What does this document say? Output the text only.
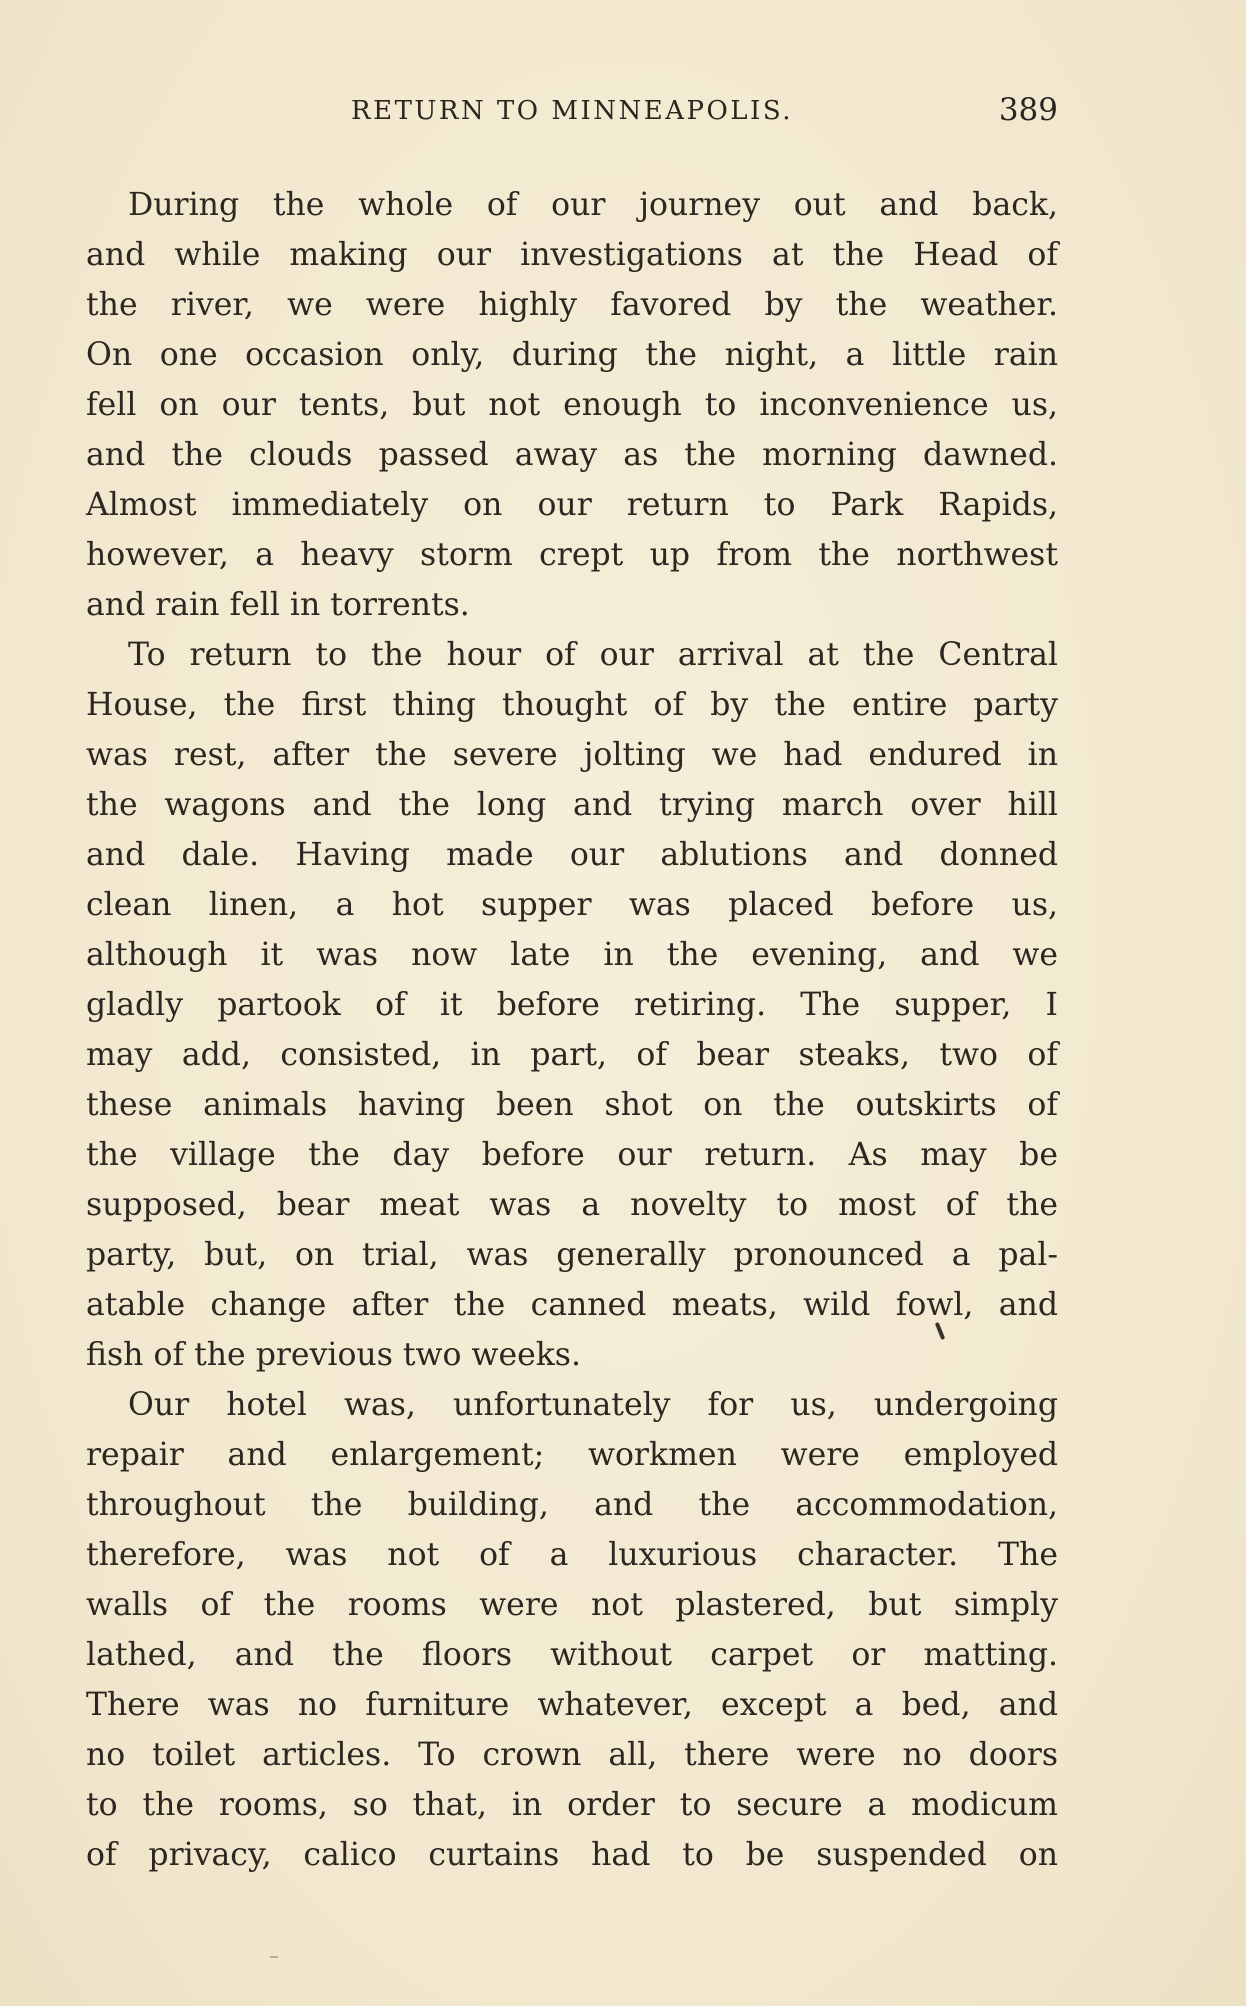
RETURN TO MINNEAPOLIS.	389
During the whole of our journey out and back,
and while making our investigations at the Head of
the river, we were highly favored by the weather.
On one occasion only, during the night, a little rain
fell on our tents, but not enough to inconvenience us,
and the clouds passed away as the morning dawned.
Almost immediately on our return to Park Rapids,
however, a heavy storm crept up from the northwest
and rain fell in torrents.
To return to the hour of our arrival at the Central
House, the first thing thought of by the entire party
was rest, after the severe jolting we had endured in
the wagons and the long and trying march over hill
and dale. Having made our ablutions and donned
clean linen, a hot supper was placed before us,
although it was now late in the evening, and we
gladly partook of it before retiring. The supper, I
may add, consisted, in part, of bear steaks, two of
these animals having been shot on the outskirts of
the village the day before our return. As may be
supposed, bear meat was a novelty to most of the
party, but, on trial, was generally pronounced a pal-
atable change after the canned meats, wild fowl, and
fish of the previous two weeks.
Our hotel was, unfortunately for us, undergoing
repair and enlargement; workmen were employed
throughout the building, and the accommodation,
therefore, was not of a luxurious character. The
walls of the rooms were not plastered, but simply
lathed, and the floors without carpet or matting.
There was no furniture whatever, except a bed, and
no toilet articles. To crown all, there were no doors
to the rooms, so that, in order to secure a modicum
of privacy, calico curtains had to be suspended on
